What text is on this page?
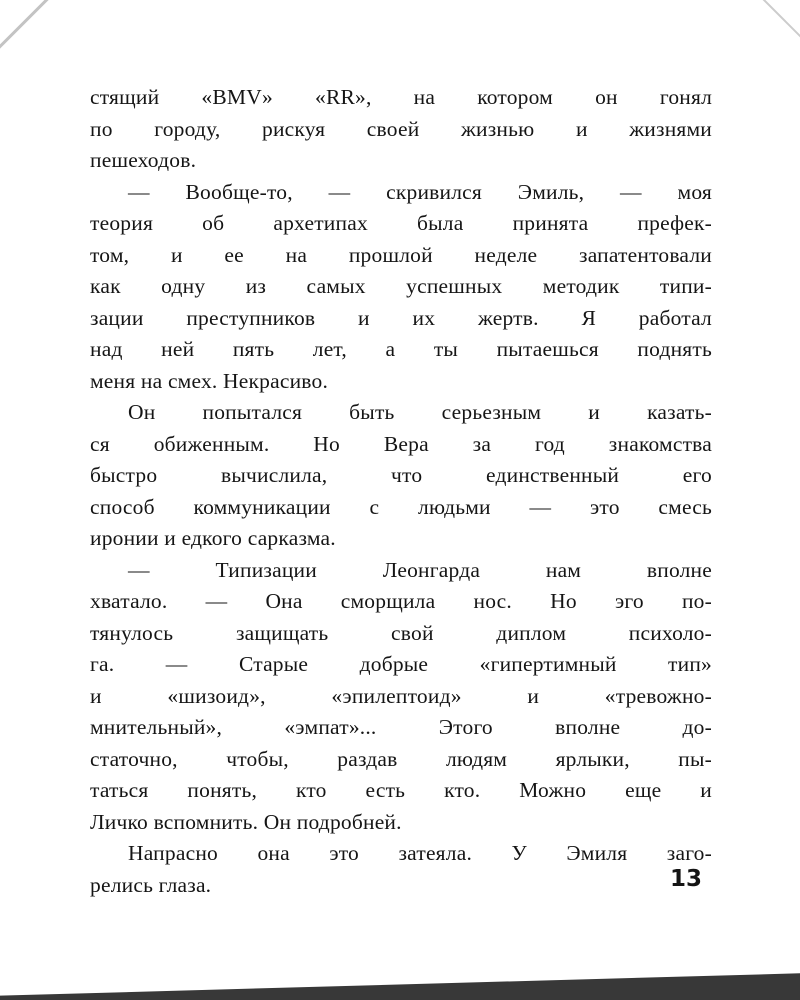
стящий «BMV» «RR», на котором он гонял
по городу, рискуя своей жизнью и жизнями
пешеходов.
— Вообще-то, — скривился Эмиль, — моя
теория об архетипах была принята префек-
том, и ее на прошлой неделе запатентовали
как одну из самых успешных методик типи-
зации преступников и их жертв. Я работал
над ней пять лет, а ты пытаешься поднять
меня на смех. Некрасиво.
Он попытался быть серьезным и казать-
ся обиженным. Но Вера за год знакомства
быстро вычислила, что единственный его
способ коммуникации с людьми — это смесь
иронии и едкого сарказма.
— Типизации Леонгарда нам вполне
хватало. — Она сморщила нос. Но эго по-
тянулось защищать свой диплом психоло-
га. — Старые добрые «гипертимный тип»
и «шизоид», «эпилептоид» и «тревожно-
мнительный», «эмпат»... Этого вполне до-
статочно, чтобы, раздав людям ярлыки, пы-
таться понять, кто есть кто. Можно еще и
Личко вспомнить. Он подробней.
Напрасно она это затеяла. У Эмиля заго-
релись глаза.	13
